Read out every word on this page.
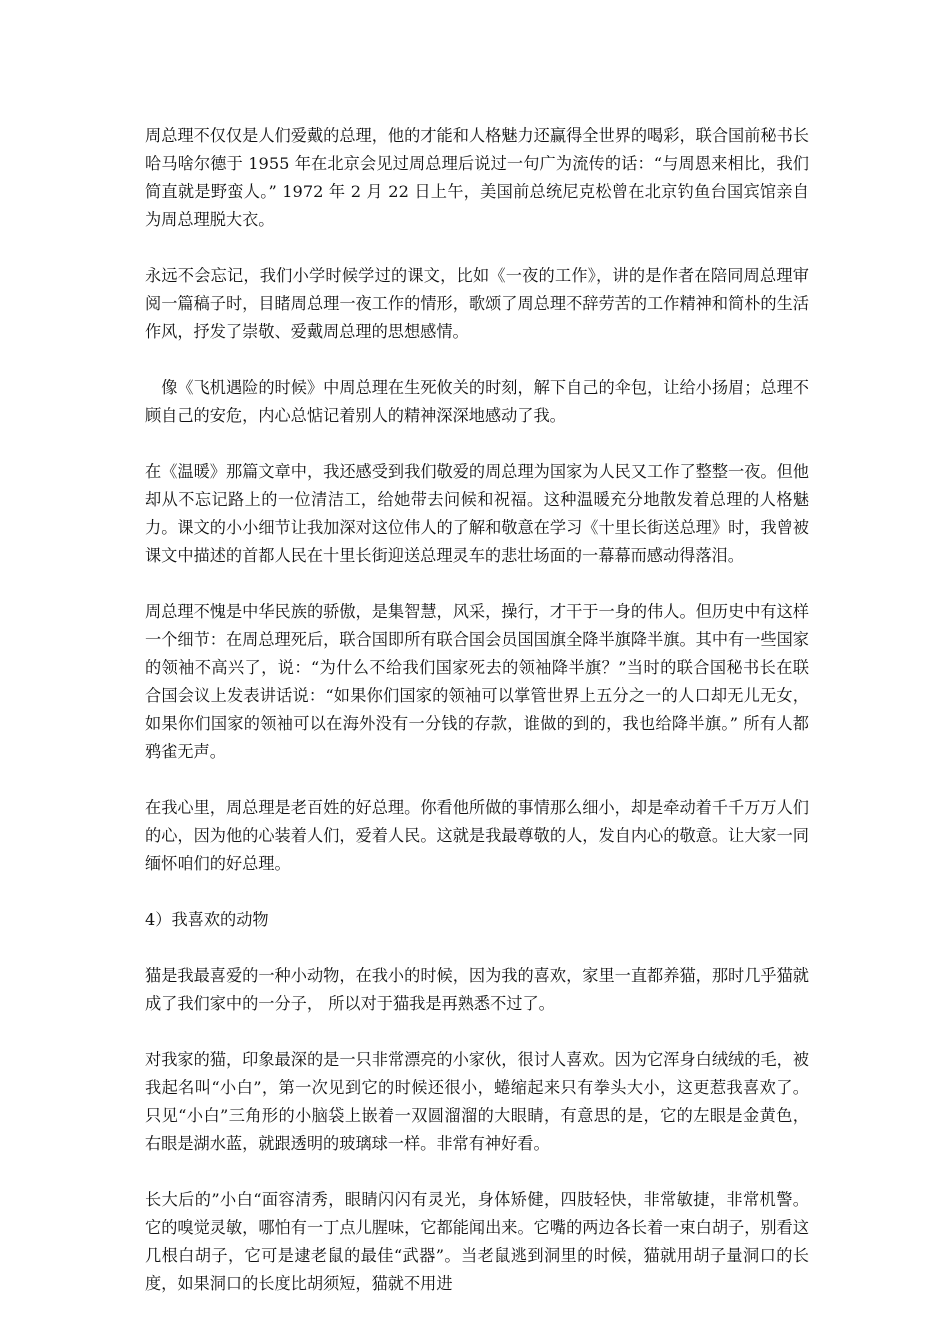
周总理不仅仅是人们爱戴的总理，他的才能和人格魅力还赢得全世界的喝彩，联合国前秘书长哈马啥尔德于 1955 年在北京会见过周总理后说过一句广为流传的话：“与周恩来相比，我们简直就是野蛮人。” 1972 年 2 月 22 日上午，美国前总统尼克松曾在北京钓鱼台国宾馆亲自为周总理脱大衣。

永远不会忘记，我们小学时候学过的课文，比如《一夜的工作》，讲的是作者在陪同周总理审阅一篇稿子时，目睹周总理一夜工作的情形，歌颂了周总理不辞劳苦的工作精神和简朴的生活作风，抒发了崇敬、爱戴周总理的思想感情。

像《飞机遇险的时候》中周总理在生死攸关的时刻，解下自己的伞包，让给小扬眉；总理不顾自己的安危，内心总惦记着别人的精神深深地感动了我。

在《温暖》那篇文章中，我还感受到我们敬爱的周总理为国家为人民又工作了整整一夜。但他却从不忘记路上的一位清洁工，给她带去问候和祝福。这种温暖充分地散发着总理的人格魅力。课文的小小细节让我加深对这位伟人的了解和敬意在学习《十里长街送总理》时，我曾被课文中描述的首都人民在十里长街迎送总理灵车的悲壮场面的一幕幕而感动得落泪。

周总理不愧是中华民族的骄傲，是集智慧，风采，操行，才干于一身的伟人。但历史中有这样一个细节：在周总理死后，联合国即所有联合国会员国国旗全降半旗降半旗。其中有一些国家的领袖不高兴了，说：“为什么不给我们国家死去的领袖降半旗？”当时的联合国秘书长在联合国会议上发表讲话说：“如果你们国家的领袖可以掌管世界上五分之一的人口却无儿无女，如果你们国家的领袖可以在海外没有一分钱的存款，谁做的到的，我也给降半旗。” 所有人都鸦雀无声。

在我心里，周总理是老百姓的好总理。你看他所做的事情那么细小，却是牵动着千千万万人们的心，因为他的心装着人们，爱着人民。这就是我最尊敬的人，发自内心的敬意。让大家一同缅怀咱们的好总理。

4）我喜欢的动物

猫是我最喜爱的一种小动物，在我小的时候，因为我的喜欢，家里一直都养猫，那时几乎猫就成了我们家中的一分子， 所以对于猫我是再熟悉不过了。

对我家的猫，印象最深的是一只非常漂亮的小家伙，很讨人喜欢。因为它浑身白绒绒的毛，被我起名叫“小白”，第一次见到它的时候还很小，蜷缩起来只有拳头大小，这更惹我喜欢了。只见“小白”三角形的小脑袋上嵌着一双圆溜溜的大眼睛，有意思的是，它的左眼是金黄色，右眼是湖水蓝，就跟透明的玻璃球一样。非常有神好看。

长大后的”小白“面容清秀，眼睛闪闪有灵光，身体矫健，四肢轻快，非常敏捷，非常机警。它的嗅觉灵敏，哪怕有一丁点儿腥味，它都能闻出来。它嘴的两边各长着一束白胡子，别看这几根白胡子，它可是逮老鼠的最佳“武器”。当老鼠逃到洞里的时候，猫就用胡子量洞口的长度，如果洞口的长度比胡须短，猫就不用进
